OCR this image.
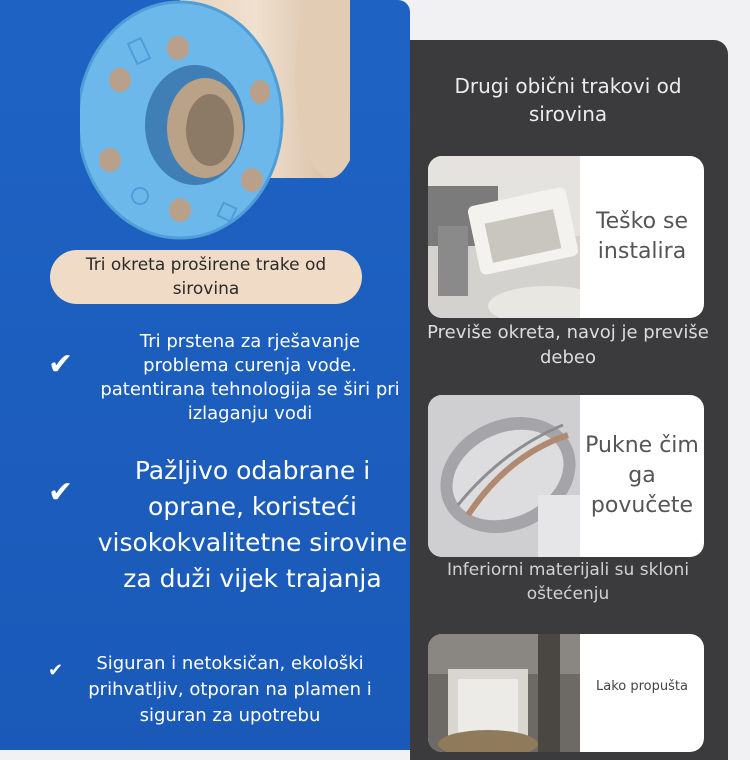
Tri okreta proširene trake od sirovina
✔
Tri prstena za rješavanje problema curenja vode. patentirana tehnologija se širi pri izlaganju vodi
✔
Pažljivo odabrane i oprane, koristeći visokokvalitetne sirovine za duži vijek trajanja
✔	Siguran i netoksičan, ekološki prihvatljiv, otporan na plamen i siguran za upotrebu
Drugi obični trakovi od sirovina
Teško se instalira
Previše okreta, navoj je previše debeo
Pukne čim ga povučete
Inferiorni materijali su skloni oštećenju
Lako propušta
